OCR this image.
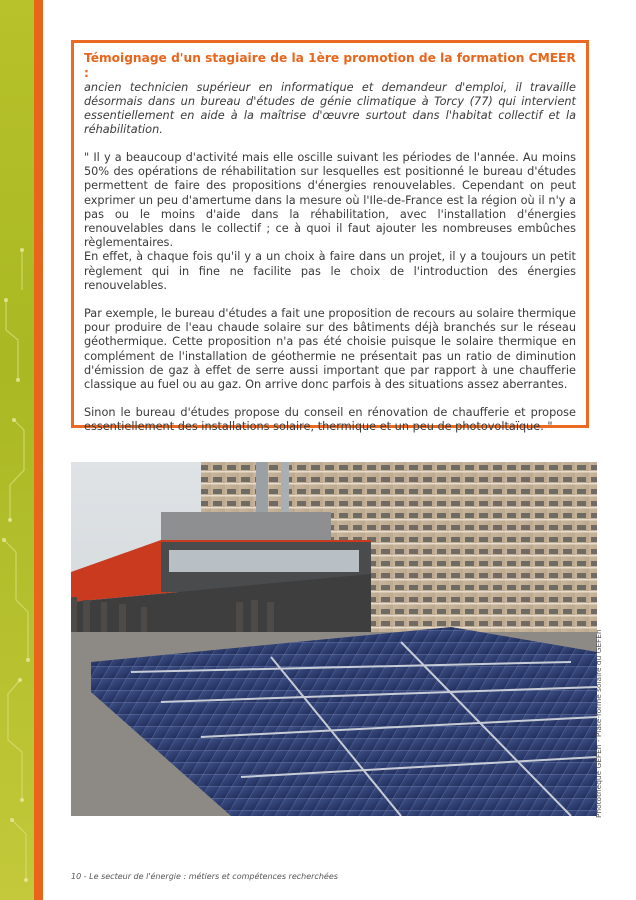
Témoignage d'un stagiaire de la 1ère promotion de la formation CMEER :

ancien technicien supérieur en informatique et demandeur d'emploi, il travaille désormais dans un bureau d'études de génie climatique à Torcy (77) qui intervient essentiellement en aide à la maîtrise d'œuvre surtout dans l'habitat collectif et la réhabilitation.

" Il y a beaucoup d'activité mais elle oscille suivant les périodes de l'année. Au moins 50% des opérations de réhabilitation sur lesquelles est positionné le bureau d'études permettent de faire des propositions d'énergies renouvelables. Cependant on peut exprimer un peu d'amertume dans la mesure où l'Ile-de-France est la région où il n'y a pas ou le moins d'aide dans la réhabilitation, avec l'installation d'énergies renouvelables dans le collectif ; ce à quoi il faut ajouter les nombreuses embûches règlementaires.

En effet, à chaque fois qu'il y a un choix à faire dans un projet, il y a toujours un petit règlement qui in fine ne facilite pas le choix de l'introduction des énergies renouvelables.

Par exemple, le bureau d'études a fait une proposition de recours au solaire thermique pour produire de l'eau chaude solaire sur des bâtiments déjà branchés sur le réseau géothermique. Cette proposition n'a pas été choisie puisque le solaire thermique en complément de l'installation de géothermie ne présentait pas un ratio de diminution d'émission de gaz à effet de serre aussi important que par rapport à une chaufferie classique au fuel ou au gaz. On arrive donc parfois à des situations assez aberrantes.

Sinon le bureau d'études propose du conseil en rénovation de chaufferie et propose essentiellement des installations solaire, thermique et un peu de photovoltaïque. "

Photothèque GEFEn - Plate-forme solaire du GEFEn
10 - Le secteur de l'énergie : métiers et compétences recherchées
